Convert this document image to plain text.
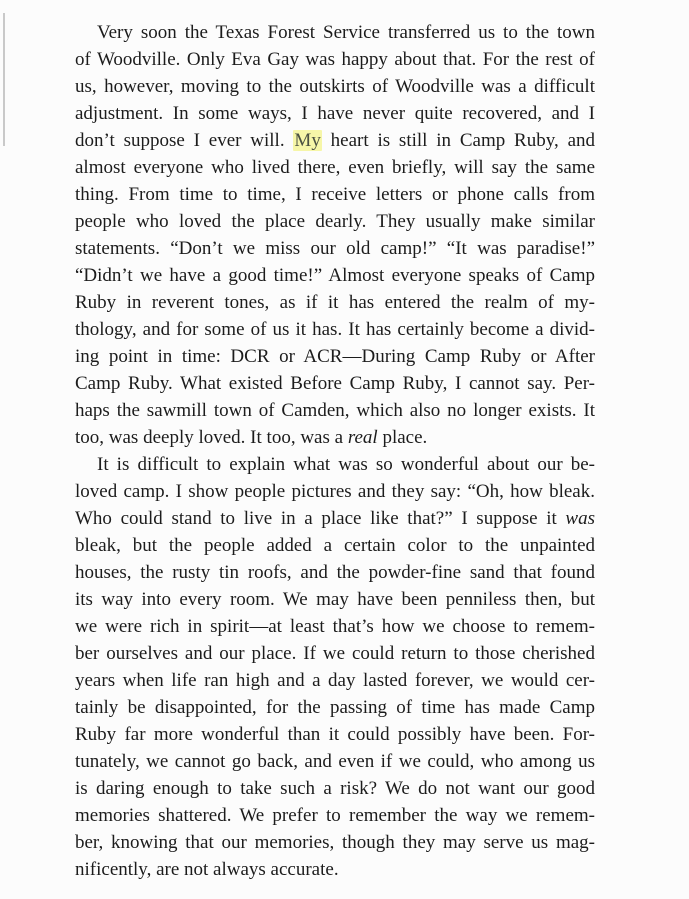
Very soon the Texas Forest Service transferred us to the town
of Woodville. Only Eva Gay was happy about that. For the rest of
us, however, moving to the outskirts of Woodville was a difficult
adjustment. In some ways, I have never quite recovered, and I
don’t suppose I ever will. My heart is still in Camp Ruby, and
almost everyone who lived there, even briefly, will say the same
thing. From time to time, I receive letters or phone calls from
people who loved the place dearly. They usually make similar
statements. “Don’t we miss our old camp!” “It was paradise!”
“Didn’t we have a good time!” Almost everyone speaks of Camp
Ruby in reverent tones, as if it has entered the realm of my-
thology, and for some of us it has. It has certainly become a divid-
ing point in time: DCR or ACR—During Camp Ruby or After
Camp Ruby. What existed Before Camp Ruby, I cannot say. Per-
haps the sawmill town of Camden, which also no longer exists. It
too, was deeply loved. It too, was a real place.
It is difficult to explain what was so wonderful about our be-
loved camp. I show people pictures and they say: “Oh, how bleak.
Who could stand to live in a place like that?” I suppose it was
bleak, but the people added a certain color to the unpainted
houses, the rusty tin roofs, and the powder-fine sand that found
its way into every room. We may have been penniless then, but
we were rich in spirit—at least that’s how we choose to remem-
ber ourselves and our place. If we could return to those cherished
years when life ran high and a day lasted forever, we would cer-
tainly be disappointed, for the passing of time has made Camp
Ruby far more wonderful than it could possibly have been. For-
tunately, we cannot go back, and even if we could, who among us
is daring enough to take such a risk? We do not want our good
memories shattered. We prefer to remember the way we remem-
ber, knowing that our memories, though they may serve us mag-
nificently, are not always accurate.
